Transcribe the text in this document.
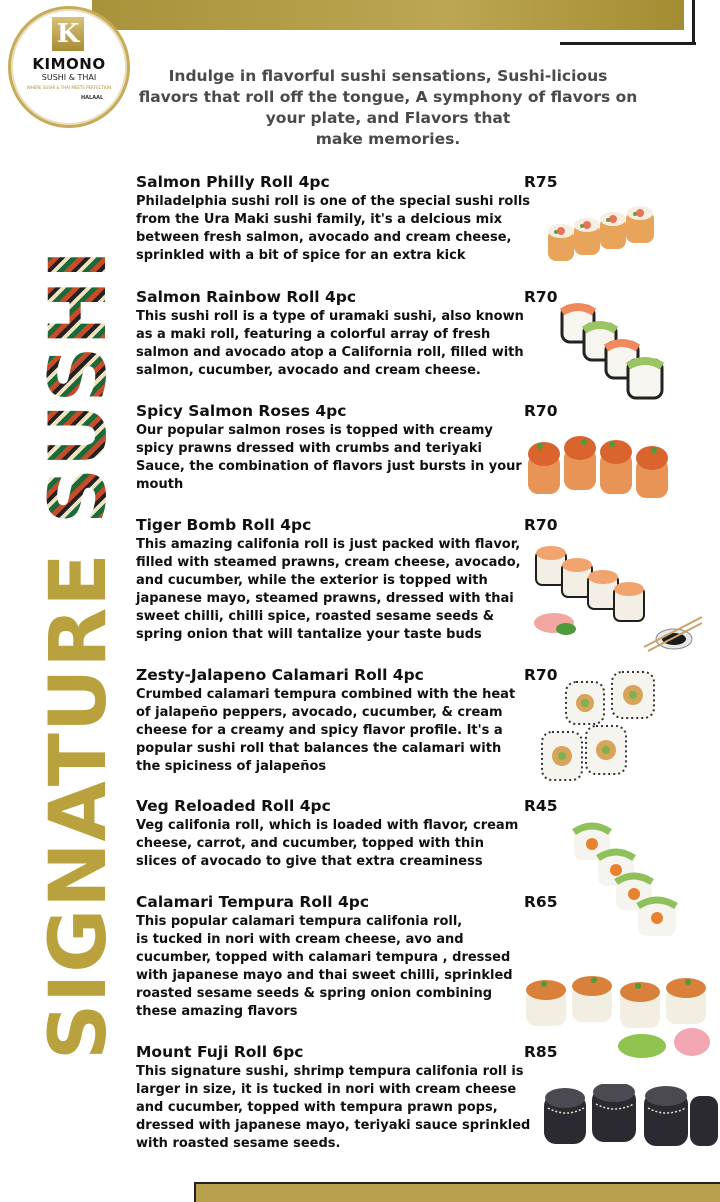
K
KIMONO
SUSHI & THAI
WHERE SUSHI & THAI MEETS PERFECTION
HALAAL
Indulge in flavorful sushi sensations, Sushi-licious
flavors that roll off the tongue, A symphony of flavors on
your plate, and Flavors that
make memories.
SIGNATURE SUSHI
Salmon Philly Roll 4pc	R75
Philadelphia sushi roll is one of the special sushi rolls
from the Ura Maki sushi family, it's a delcious mix
between fresh salmon, avocado and cream cheese,
sprinkled with a bit of spice for an extra kick
Salmon Rainbow Roll 4pc	R70
This sushi roll is a type of uramaki sushi, also known
as a maki roll, featuring a colorful array of fresh
salmon and avocado atop a California roll, filled with
salmon, cucumber, avocado and cream cheese.
Spicy Salmon Roses 4pc	R70
Our popular salmon roses is topped with creamy
spicy prawns dressed with crumbs and teriyaki
Sauce, the combination of flavors just bursts in your
mouth
Tiger Bomb Roll 4pc	R70
This amazing califonia roll is just packed with flavor,
filled with steamed prawns, cream cheese, avocado,
and cucumber, while the exterior is topped with
japanese mayo, steamed prawns, dressed with thai
sweet chilli, chilli spice, roasted sesame seeds &
spring onion that will tantalize your taste buds
Zesty-Jalapeno Calamari Roll 4pc	R70
Crumbed calamari tempura combined with the heat
of jalapeño peppers, avocado, cucumber, & cream
cheese for a creamy and spicy flavor profile. It's a
popular sushi roll that balances the calamari with
the spiciness of jalapeños
Veg Reloaded Roll 4pc	R45
Veg califonia roll, which is loaded with flavor, cream
cheese, carrot, and cucumber, topped with thin
slices of avocado to give that extra creaminess
Calamari Tempura Roll 4pc	R65
This popular calamari tempura califonia roll,
is tucked in nori with cream cheese, avo and
cucumber, topped with calamari tempura , dressed
with japanese mayo and thai sweet chilli, sprinkled
roasted sesame seeds & spring onion combining
these amazing flavors
Mount Fuji Roll 6pc	R85
This signature sushi, shrimp tempura califonia roll is
larger in size, it is tucked in nori with cream cheese
and cucumber, topped with tempura prawn pops,
dressed with japanese mayo, teriyaki sauce sprinkled
with roasted sesame seeds.
